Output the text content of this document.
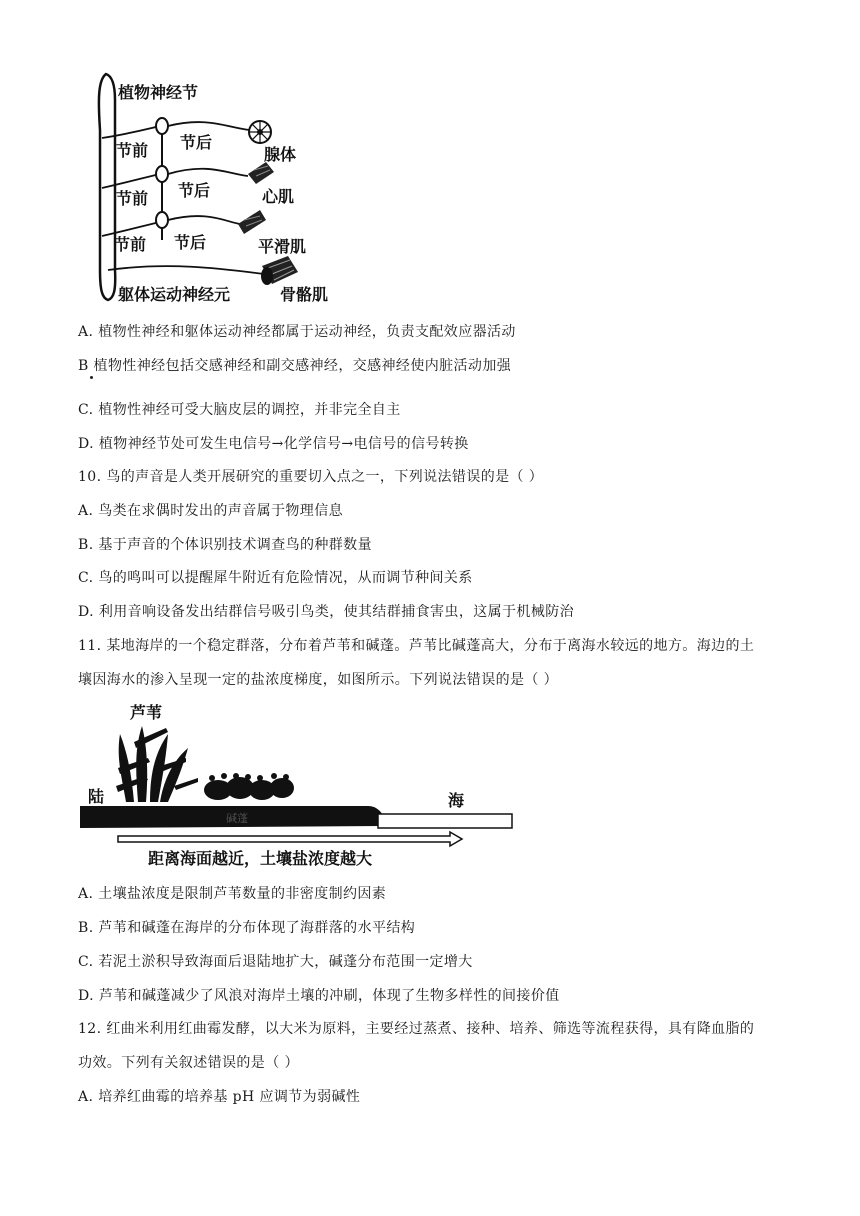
植物神经节
节前 节后
腺体
节前 节后	心肌
节前 节后	平滑肌
躯体运动神经元	骨骼肌
A. 植物性神经和躯体运动神经都属于运动神经，负责支配效应器活动
B 植物性神经包括交感神经和副交感神经，交感神经使内脏活动加强
C. 植物性神经可受大脑皮层的调控，并非完全自主
D. 植物神经节处可发生电信号→化学信号→电信号的信号转换
10. 鸟的声音是人类开展研究的重要切入点之一，下列说法错误的是（ ）
A. 鸟类在求偶时发出的声音属于物理信息
B. 基于声音的个体识别技术调查鸟的种群数量
C. 鸟的鸣叫可以提醒犀牛附近有危险情况，从而调节种间关系
D. 利用音响设备发出结群信号吸引鸟类，使其结群捕食害虫，这属于机械防治
11. 某地海岸的一个稳定群落，分布着芦苇和碱蓬。芦苇比碱蓬高大，分布于离海水较远的地方。海边的土
壤因海水的渗入呈现一定的盐浓度梯度，如图所示。下列说法错误的是（ ）
芦苇
陆
碱蓬
海
距离海面越近，土壤盐浓度越大
A. 土壤盐浓度是限制芦苇数量的非密度制约因素
B. 芦苇和碱蓬在海岸的分布体现了海群落的水平结构
C. 若泥土淤积导致海面后退陆地扩大，碱蓬分布范围一定增大
D. 芦苇和碱蓬减少了风浪对海岸土壤的冲刷，体现了生物多样性的间接价值
12. 红曲米利用红曲霉发酵，以大米为原料，主要经过蒸煮、接种、培养、筛选等流程获得，具有降血脂的
功效。下列有关叙述错误的是（ ）
A. 培养红曲霉的培养基 pH 应调节为弱碱性
